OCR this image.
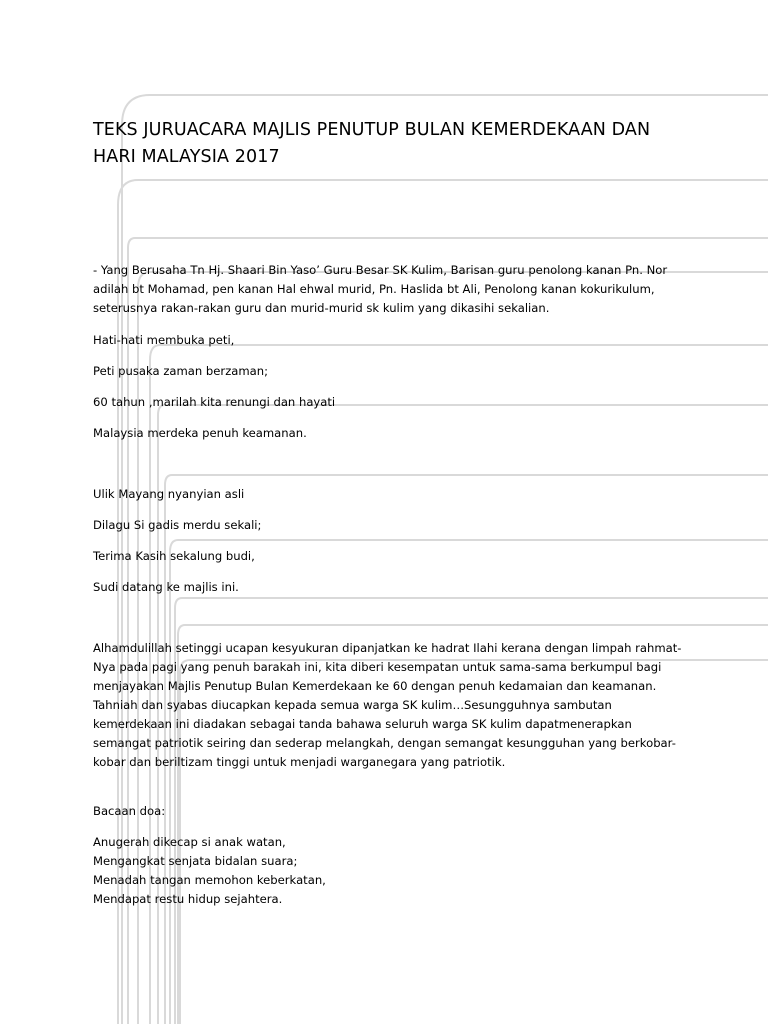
TEKS JURUACARA MAJLIS PENUTUP BULAN KEMERDEKAAN DAN
HARI MALAYSIA 2017
- Yang Berusaha Tn Hj. Shaari Bin Yaso’ Guru Besar SK Kulim, Barisan guru penolong kanan Pn. Nor
adilah bt Mohamad, pen kanan Hal ehwal murid, Pn. Haslida bt Ali, Penolong kanan kokurikulum,
seterusnya rakan-rakan guru dan murid-murid sk kulim yang dikasihi sekalian.
Hati-hati membuka peti,
Peti pusaka zaman berzaman;
60 tahun ,marilah kita renungi dan hayati
Malaysia merdeka penuh keamanan.
Ulik Mayang nyanyian asli
Dilagu Si gadis merdu sekali;
Terima Kasih sekalung budi,
Sudi datang ke majlis ini.
Alhamdulillah setinggi ucapan kesyukuran dipanjatkan ke hadrat Ilahi kerana dengan limpah rahmat-
Nya pada pagi yang penuh barakah ini, kita diberi kesempatan untuk sama-sama berkumpul bagi
menjayakan Majlis Penutup Bulan Kemerdekaan ke 60 dengan penuh kedamaian dan keamanan.
Tahniah dan syabas diucapkan kepada semua warga SK kulim…Sesungguhnya sambutan
kemerdekaan ini diadakan sebagai tanda bahawa seluruh warga SK kulim dapatmenerapkan
semangat patriotik seiring dan sederap melangkah, dengan semangat kesungguhan yang berkobar-
kobar dan beriltizam tinggi untuk menjadi warganegara yang patriotik.
Bacaan doa:
Anugerah dikecap si anak watan,
Mengangkat senjata bidalan suara;
Menadah tangan memohon keberkatan,
Mendapat restu hidup sejahtera.
